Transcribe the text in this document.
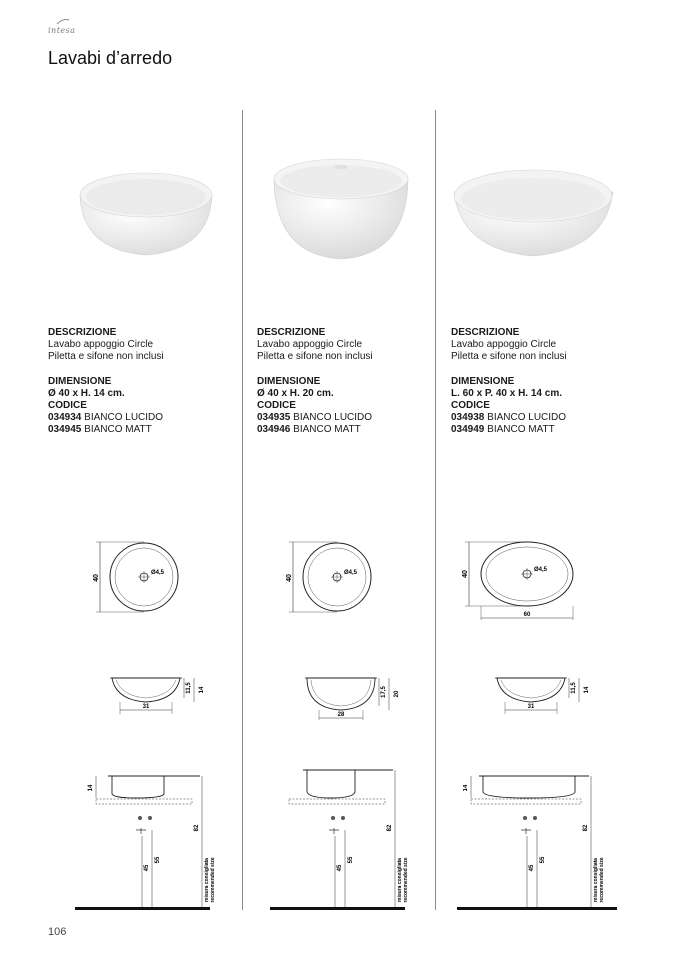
intesa
Lavabi d’arredo
DESCRIZIONE
Lavabo appoggio Circle
Piletta e sifone non inclusi
DIMENSIONE
Ø 40 x H. 14 cm.
CODICE
034934 BIANCO LUCIDO
034945 BIANCO MATT
40
Ø4,5
31
11,5 14
14
82
45
55	misura consigliata recommended size
DESCRIZIONE
Lavabo appoggio Circle
Piletta e sifone non inclusi
DIMENSIONE
Ø 40 x H. 20 cm.
CODICE
034935 BIANCO LUCIDO
034946 BIANCO MATT
40
Ø4,5
28
17,5 20
82
45
55	misura consigliata recommended size
DESCRIZIONE
Lavabo appoggio Circle
Piletta e sifone non inclusi
DIMENSIONE
L. 60 x P. 40 x H. 14 cm.
CODICE
034938 BIANCO LUCIDO
034949 BIANCO MATT
40
Ø4,5
60
31
11,5 14
14
82
45
55	misura consigliata recommended size
106
